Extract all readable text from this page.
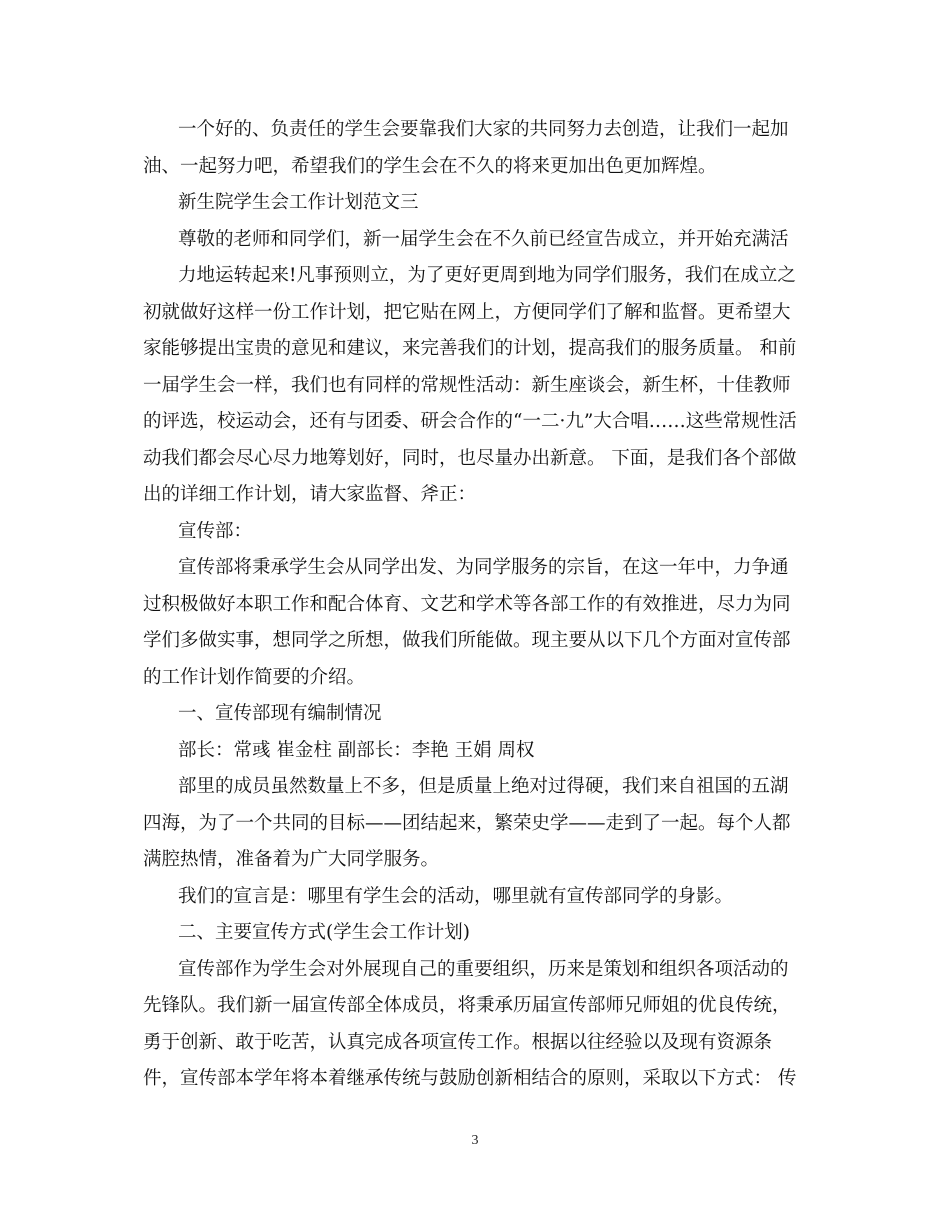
一个好的、负责任的学生会要靠我们大家的共同努力去创造，让我们一起加
油、一起努力吧，希望我们的学生会在不久的将来更加出色更加辉煌。
新生院学生会工作计划范文三
尊敬的老师和同学们，新一届学生会在不久前已经宣告成立，并开始充满活
力地运转起来!凡事预则立，为了更好更周到地为同学们服务，我们在成立之
初就做好这样一份工作计划，把它贴在网上，方便同学们了解和监督。更希望大
家能够提出宝贵的意见和建议，来完善我们的计划，提高我们的服务质量。 和前
一届学生会一样，我们也有同样的常规性活动：新生座谈会，新生杯，十佳教师
的评选，校运动会，还有与团委、研会合作的“一二·九”大合唱……这些常规性活
动我们都会尽心尽力地筹划好，同时，也尽量办出新意。 下面，是我们各个部做
出的详细工作计划，请大家监督、斧正：
宣传部：
宣传部将秉承学生会从同学出发、为同学服务的宗旨，在这一年中，力争通
过积极做好本职工作和配合体育、文艺和学术等各部工作的有效推进，尽力为同
学们多做实事，想同学之所想，做我们所能做。现主要从以下几个方面对宣传部
的工作计划作简要的介绍。
一、宣传部现有编制情况
部长：常彧 崔金柱 副部长：李艳 王娟 周权
部里的成员虽然数量上不多，但是质量上绝对过得硬，我们来自祖国的五湖
四海，为了一个共同的目标——团结起来，繁荣史学——走到了一起。每个人都
满腔热情，准备着为广大同学服务。
我们的宣言是：哪里有学生会的活动，哪里就有宣传部同学的身影。
二、主要宣传方式(学生会工作计划)
宣传部作为学生会对外展现自己的重要组织，历来是策划和组织各项活动的
先锋队。我们新一届宣传部全体成员，将秉承历届宣传部师兄师姐的优良传统，
勇于创新、敢于吃苦，认真完成各项宣传工作。根据以往经验以及现有资源条
件，宣传部本学年将本着继承传统与鼓励创新相结合的原则，采取以下方式： 传
3
